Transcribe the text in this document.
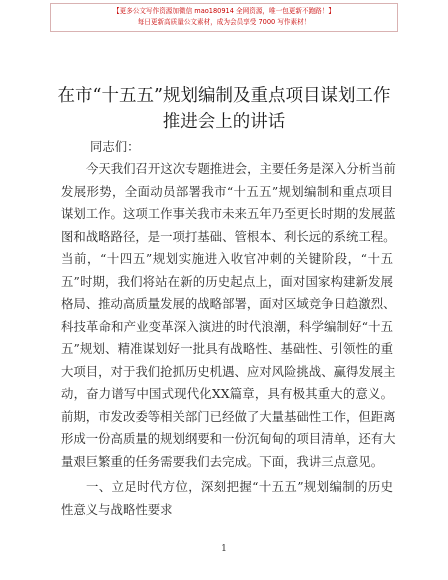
【更多公文写作资源加微信 mao180914 全网资源，唯一包更新不跑路！】
每日更新高质量公文素材，成为会员享受 7000 写作素材！
在市“十五五”规划编制及重点项目谋划工作
推进会上的讲话
同志们：
今天我们召开这次专题推进会，主要任务是深入分析当前
发展形势，全面动员部署我市“十五五”规划编制和重点项目
谋划工作。这项工作事关我市未来五年乃至更长时期的发展蓝
图和战略路径，是一项打基础、管根本、利长远的系统工程。
当前，“十四五”规划实施进入收官冲刺的关键阶段，“十五
五”时期，我们将站在新的历史起点上，面对国家构建新发展
格局、推动高质量发展的战略部署，面对区域竞争日趋激烈、
科技革命和产业变革深入演进的时代浪潮，科学编制好“十五
五”规划、精准谋划好一批具有战略性、基础性、引领性的重
大项目，对于我们抢抓历史机遇、应对风险挑战、赢得发展主
动，奋力谱写中国式现代化XX篇章，具有极其重大的意义。
前期，市发改委等相关部门已经做了大量基础性工作，但距离
形成一份高质量的规划纲要和一份沉甸甸的项目清单，还有大
量艰巨繁重的任务需要我们去完成。下面，我讲三点意见。
一、立足时代方位，深刻把握“十五五”规划编制的历史
性意义与战略性要求
1
